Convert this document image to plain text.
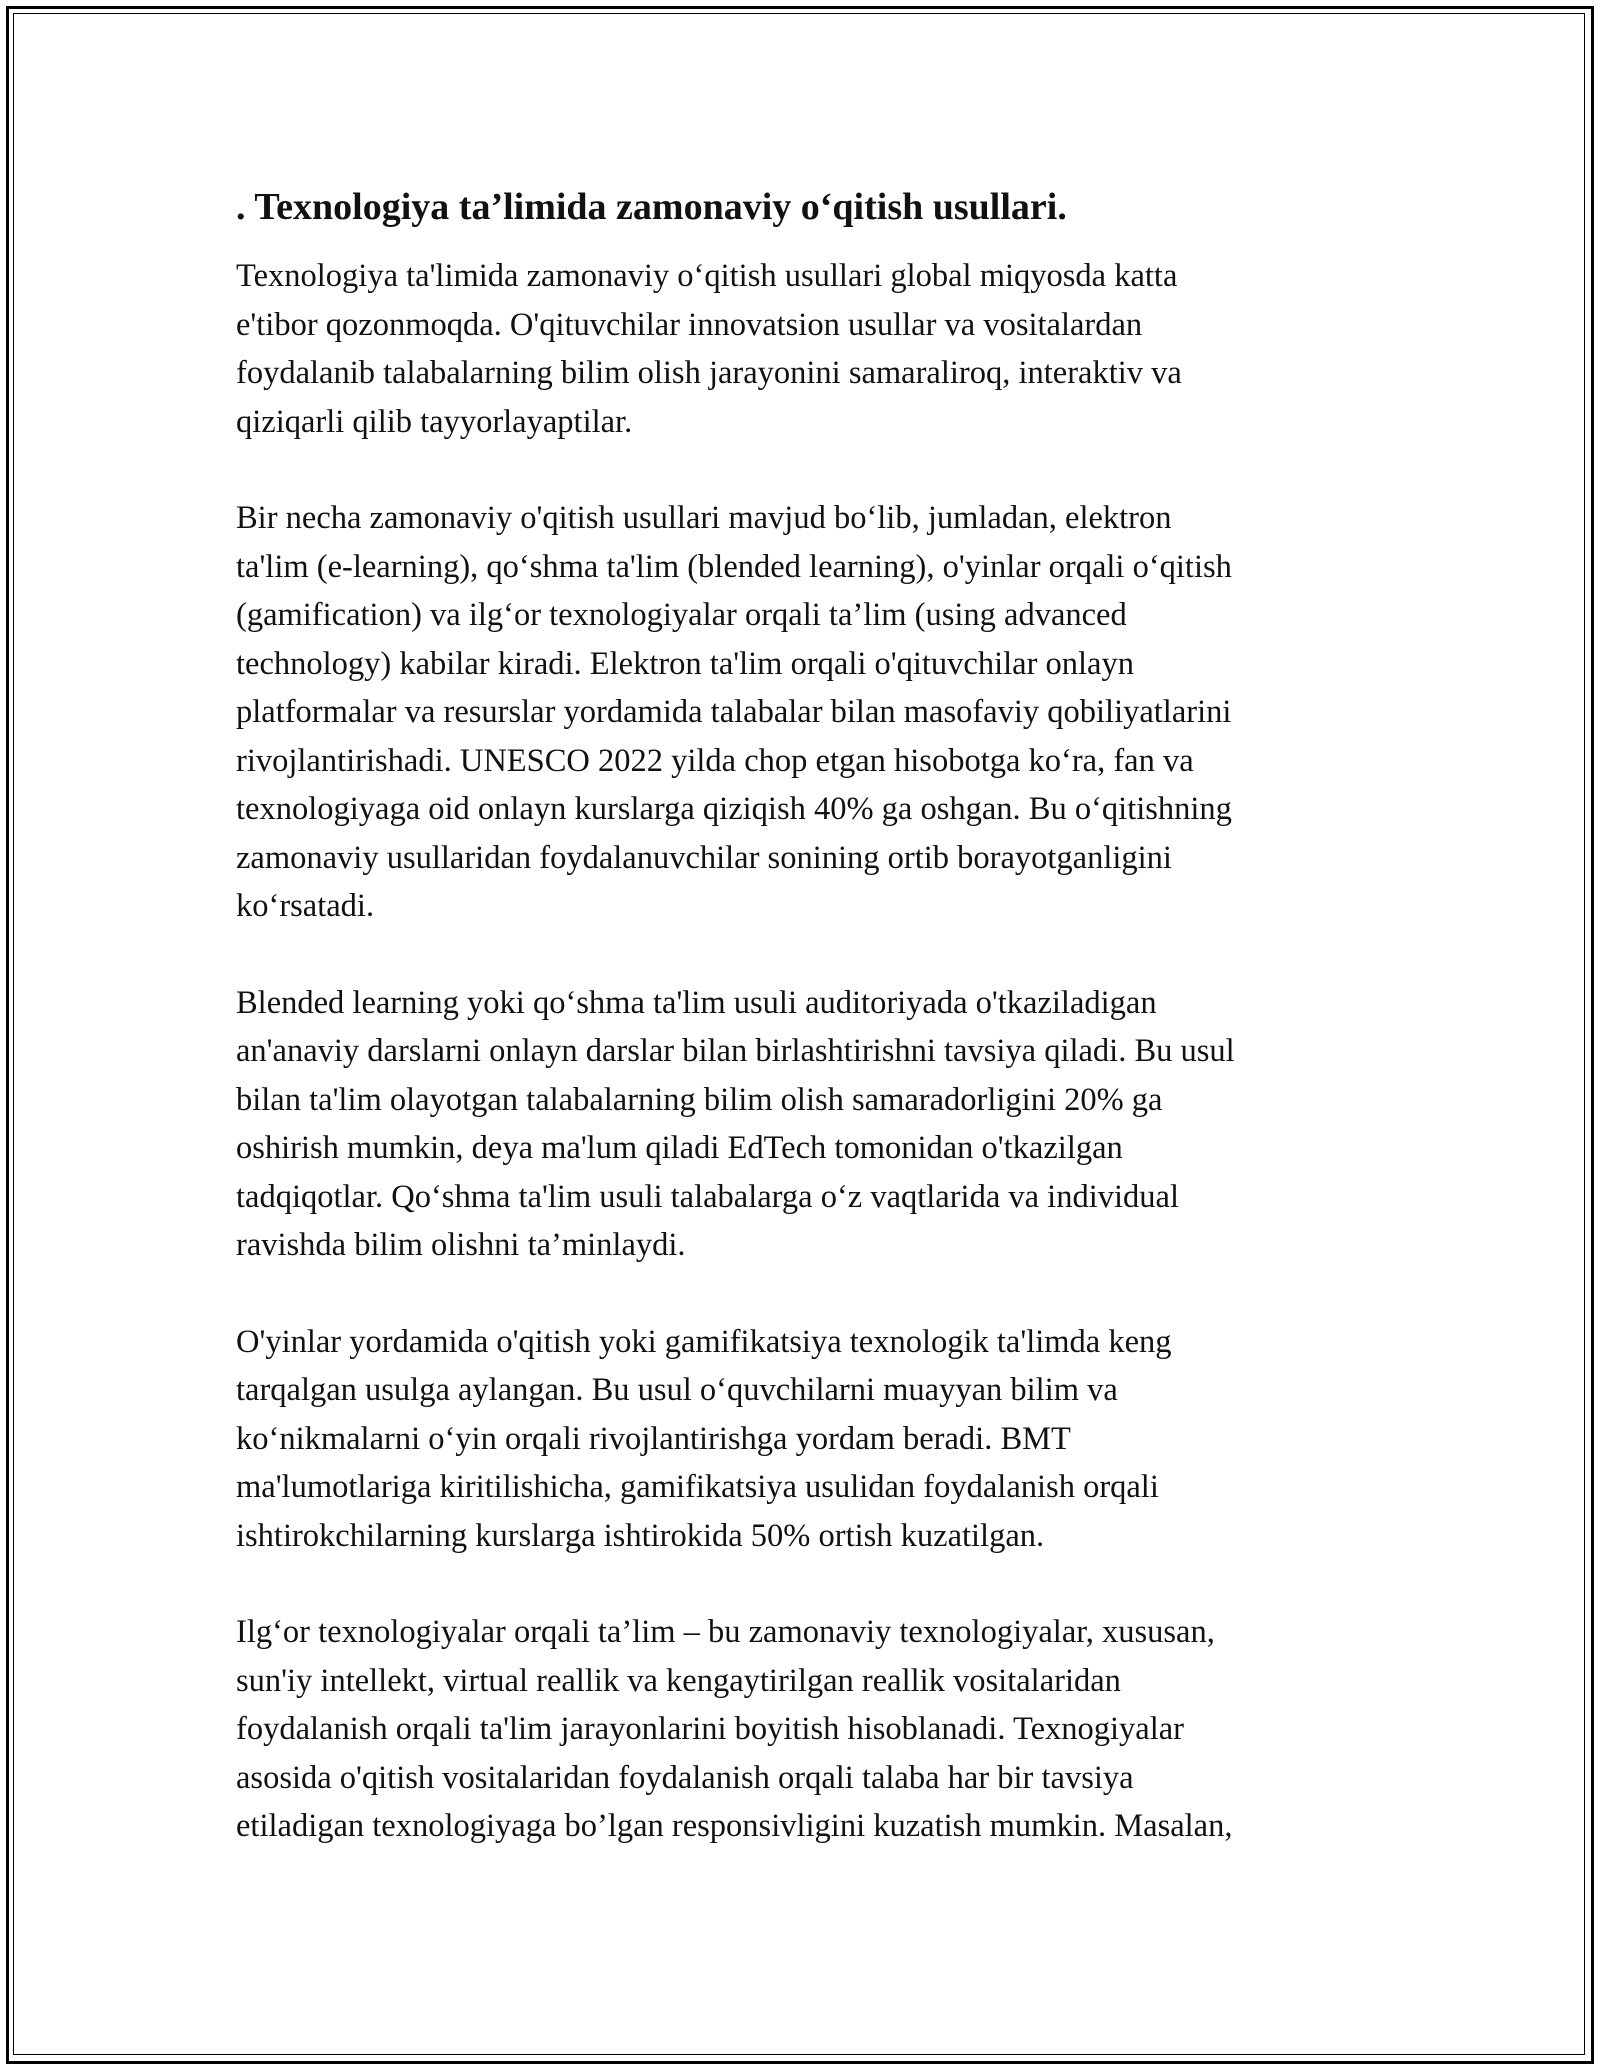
. Texnologiya ta’limida zamonaviy o‘qitish usullari.
Texnologiya ta'limida zamonaviy o‘qitish usullari global miqyosda katta
e'tibor qozonmoqda. O'qituvchilar innovatsion usullar va vositalardan
foydalanib talabalarning bilim olish jarayonini samaraliroq, interaktiv va
qiziqarli qilib tayyorlayaptilar.
Bir necha zamonaviy o'qitish usullari mavjud bo‘lib, jumladan, elektron
ta'lim (e-learning), qo‘shma ta'lim (blended learning), o'yinlar orqali o‘qitish
(gamification) va ilg‘or texnologiyalar orqali ta’lim (using advanced
technology) kabilar kiradi. Elektron ta'lim orqali o'qituvchilar onlayn
platformalar va resurslar yordamida talabalar bilan masofaviy qobiliyatlarini
rivojlantirishadi. UNESCO 2022 yilda chop etgan hisobotga ko‘ra, fan va
texnologiyaga oid onlayn kurslarga qiziqish 40% ga oshgan. Bu o‘qitishning
zamonaviy usullaridan foydalanuvchilar sonining ortib borayotganligini
ko‘rsatadi.
Blended learning yoki qo‘shma ta'lim usuli auditoriyada o'tkaziladigan
an'anaviy darslarni onlayn darslar bilan birlashtirishni tavsiya qiladi. Bu usul
bilan ta'lim olayotgan talabalarning bilim olish samaradorligini 20% ga
oshirish mumkin, deya ma'lum qiladi EdTech tomonidan o'tkazilgan
tadqiqotlar. Qo‘shma ta'lim usuli talabalarga o‘z vaqtlarida va individual
ravishda bilim olishni ta’minlaydi.
O'yinlar yordamida o'qitish yoki gamifikatsiya texnologik ta'limda keng
tarqalgan usulga aylangan. Bu usul o‘quvchilarni muayyan bilim va
ko‘nikmalarni o‘yin orqali rivojlantirishga yordam beradi. BMT
ma'lumotlariga kiritilishicha, gamifikatsiya usulidan foydalanish orqali
ishtirokchilarning kurslarga ishtirokida 50% ortish kuzatilgan.
Ilg‘or texnologiyalar orqali ta’lim – bu zamonaviy texnologiyalar, xususan,
sun'iy intellekt, virtual reallik va kengaytirilgan reallik vositalaridan
foydalanish orqali ta'lim jarayonlarini boyitish hisoblanadi. Texnogiyalar
asosida o'qitish vositalaridan foydalanish orqali talaba har bir tavsiya
etiladigan texnologiyaga bo’lgan responsivligini kuzatish mumkin. Masalan,
